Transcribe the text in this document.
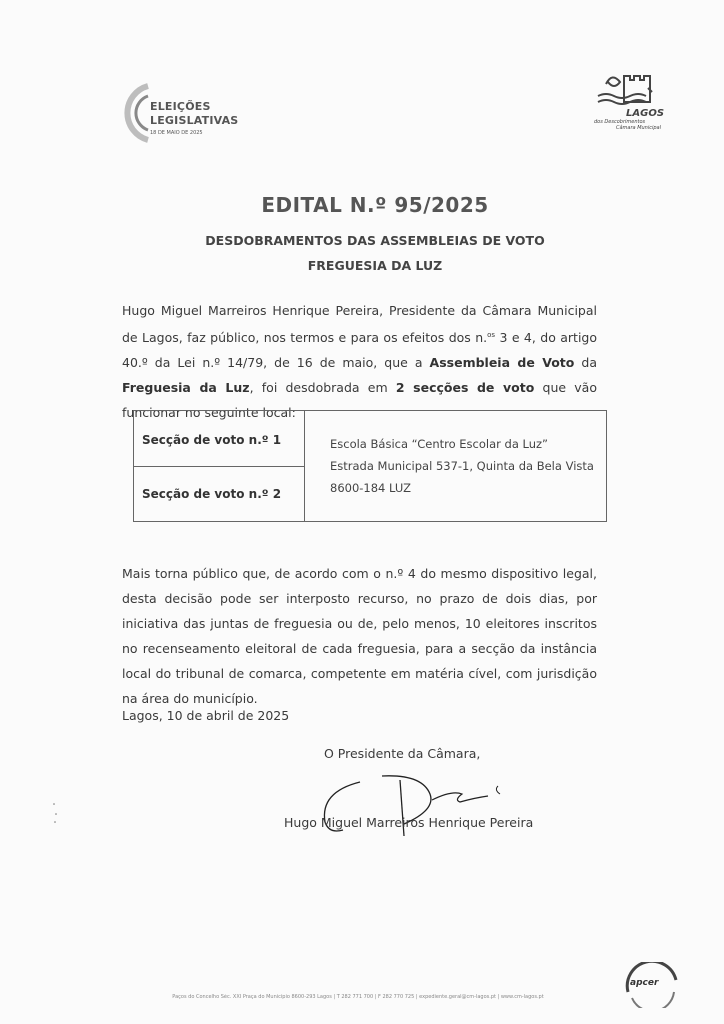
ELEIÇÕES
LEGISLATIVAS
18 DE MAIO DE 2025
LAGOS
dos Descobrimentos
Câmara Municipal
EDITAL N.º 95/2025
DESDOBRAMENTOS DAS ASSEMBLEIAS DE VOTO
FREGUESIA DA LUZ
Hugo Miguel Marreiros Henrique Pereira, Presidente da Câmara Municipal de Lagos, faz público, nos termos e para os efeitos dos n.$^{os}$ 3 e 4, do artigo 40.º da Lei n.º 14/79, de 16 de maio, que a Assembleia de Voto da Freguesia da Luz, foi desdobrada em 2 secções de voto que vão funcionar no seguinte local:
Secção de voto n.º 1
Secção de voto n.º 2
Escola Básica “Centro Escolar da Luz”
Estrada Municipal 537-1, Quinta da Bela Vista
8600-184 LUZ
Mais torna público que, de acordo com o n.º 4 do mesmo dispositivo legal, desta decisão pode ser interposto recurso, no prazo de dois dias, por iniciativa das juntas de freguesia ou de, pelo menos, 10 eleitores inscritos no recenseamento eleitoral de cada freguesia, para a secção da instância local do tribunal de comarca, competente em matéria cível, com jurisdição na área do município.
Lagos, 10 de abril de 2025
O Presidente da Câmara,
Hugo Miguel Marreiros Henrique Pereira
Paços do Concelho Séc. XXI Praça do Município 8600-293 Lagos | T 282 771 700 | F 282 770 725 | expediente.geral@cm-lagos.pt | www.cm-lagos.pt
apcer
